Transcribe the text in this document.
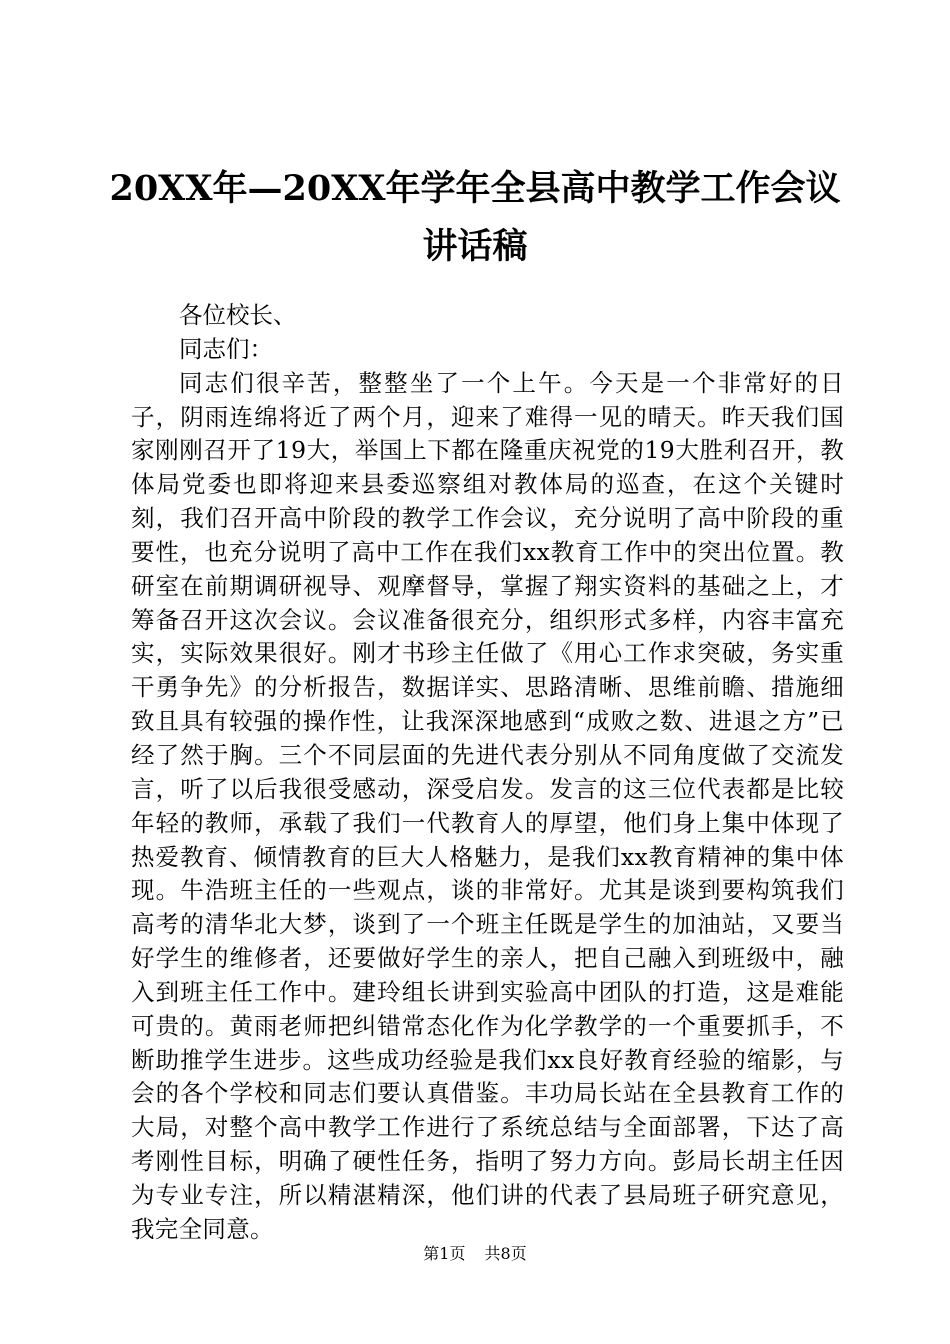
20XX年—20XX年学年全县高中教学工作会议
讲话稿

各位校长、

同志们：

同志们很辛苦，整整坐了一个上午。今天是一个非常好的日子，阴雨连绵将近了两个月，迎来了难得一见的晴天。昨天我们国家刚刚召开了19大，举国上下都在隆重庆祝党的19大胜利召开，教体局党委也即将迎来县委巡察组对教体局的巡查，在这个关键时刻，我们召开高中阶段的教学工作会议，充分说明了高中阶段的重要性，也充分说明了高中工作在我们xx教育工作中的突出位置。教研室在前期调研视导、观摩督导，掌握了翔实资料的基础之上，才筹备召开这次会议。会议准备很充分，组织形式多样，内容丰富充实，实际效果很好。刚才书珍主任做了《用心工作求突破，务实重干勇争先》的分析报告，数据详实、思路清晰、思维前瞻、措施细致且具有较强的操作性，让我深深地感到“成败之数、进退之方”已经了然于胸。三个不同层面的先进代表分别从不同角度做了交流发言，听了以后我很受感动，深受启发。发言的这三位代表都是比较年轻的教师，承载了我们一代教育人的厚望，他们身上集中体现了热爱教育、倾情教育的巨大人格魅力，是我们xx教育精神的集中体现。牛浩班主任的一些观点，谈的非常好。尤其是谈到要构筑我们高考的清华北大梦，谈到了一个班主任既是学生的加油站，又要当好学生的维修者，还要做好学生的亲人，把自己融入到班级中，融入到班主任工作中。建玲组长讲到实验高中团队的打造，这是难能可贵的。黄雨老师把纠错常态化作为化学教学的一个重要抓手，不断助推学生进步。这些成功经验是我们xx良好教育经验的缩影，与会的各个学校和同志们要认真借鉴。丰功局长站在全县教育工作的大局，对整个高中教学工作进行了系统总结与全面部署，下达了高考刚性目标，明确了硬性任务，指明了努力方向。彭局长胡主任因为专业专注，所以精湛精深，他们讲的代表了县局班子研究意见，我完全同意。

第1页 共8页
